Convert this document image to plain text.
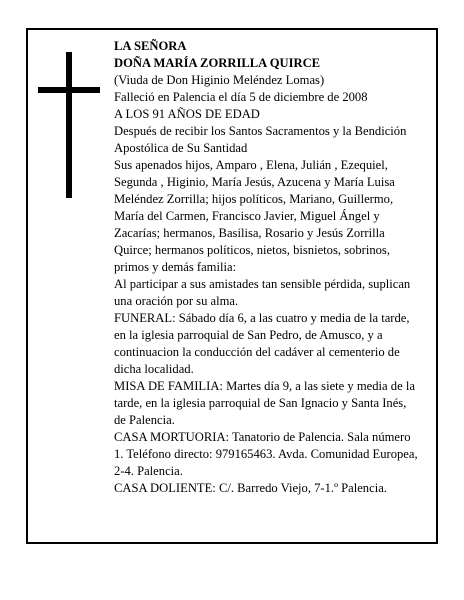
LA SEÑORA

DOÑA MARÍA ZORRILLA QUIRCE

(Viuda de Don Higinio Meléndez Lomas)

Falleció en Palencia el día 5 de diciembre de 2008

A LOS 91 AÑOS DE EDAD

Después de recibir los Santos Sacramentos y la Bendición Apostólica de Su Santidad

Sus apenados hijos, Amparo , Elena, Julián , Ezequiel, Segunda , Higinio, María Jesús, Azucena y María Luisa Meléndez Zorrilla; hijos políticos, Mariano, Guillermo, María del Carmen, Francisco Javier, Miguel Ángel y Zacarías; hermanos, Basilisa, Rosario y Jesús Zorrilla Quirce; hermanos políticos, nietos, bisnietos, sobrinos, primos y demás familia:

Al participar a sus amistades tan sensible pérdida, suplican una oración por su alma.

FUNERAL: Sábado día 6, a las cuatro y media de la tarde, en la iglesia parroquial de San Pedro, de Amusco, y a continuacion la conducción del cadáver al cementerio de dicha localidad.

MISA DE FAMILIA: Martes día 9, a las siete y media de la tarde, en la iglesia parroquial de San Ignacio y Santa Inés, de Palencia.

CASA MORTUORIA: Tanatorio de Palencia. Sala número 1. Teléfono directo: 979165463. Avda. Comunidad Europea, 2-4. Palencia.

CASA DOLIENTE: C/. Barredo Viejo, 7-1.º Palencia.
